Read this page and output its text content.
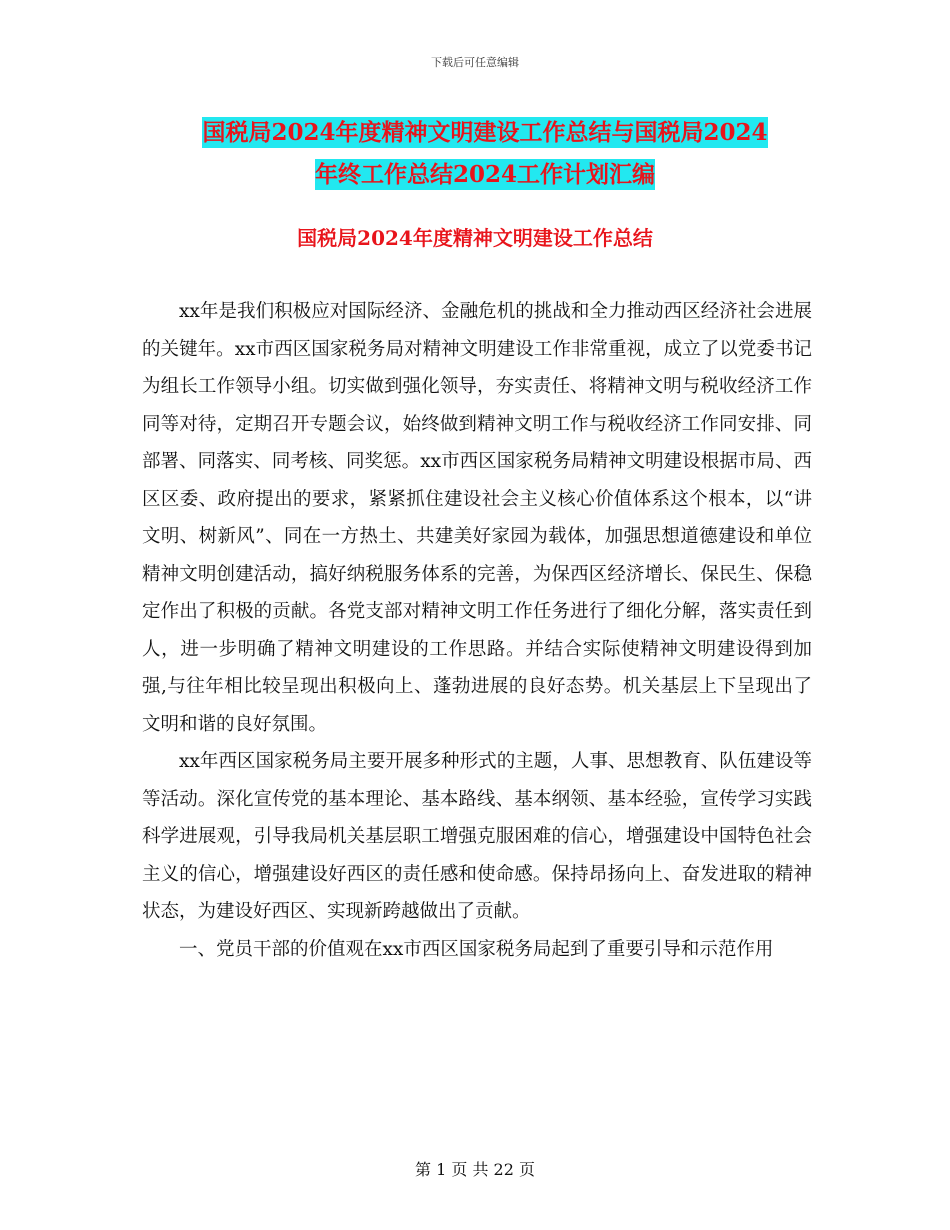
下载后可任意编辑
国税局2024年度精神文明建设工作总结与国税局2024
年终工作总结2024工作计划汇编
国税局2024年度精神文明建设工作总结

xx年是我们积极应对国际经济、金融危机的挑战和全力推动西区经济社会进展的关键年。xx市西区国家税务局对精神文明建设工作非常重视，成立了以党委书记为组长工作领导小组。切实做到强化领导，夯实责任、将精神文明与税收经济工作同等对待，定期召开专题会议，始终做到精神文明工作与税收经济工作同安排、同部署、同落实、同考核、同奖惩。xx市西区国家税务局精神文明建设根据市局、西区区委、政府提出的要求，紧紧抓住建设社会主义核心价值体系这个根本，以“讲文明、树新风”、同在一方热土、共建美好家园为载体，加强思想道德建设和单位精神文明创建活动，搞好纳税服务体系的完善，为保西区经济增长、保民生、保稳定作出了积极的贡献。各党支部对精神文明工作任务进行了细化分解，落实责任到人，进一步明确了精神文明建设的工作思路。并结合实际使精神文明建设得到加强,与往年相比较呈现出积极向上、蓬勃进展的良好态势。机关基层上下呈现出了文明和谐的良好氛围。

xx年西区国家税务局主要开展多种形式的主题，人事、思想教育、队伍建设等等活动。深化宣传党的基本理论、基本路线、基本纲领、基本经验，宣传学习实践科学进展观，引导我局机关基层职工增强克服困难的信心，增强建设中国特色社会主义的信心，增强建设好西区的责任感和使命感。保持昂扬向上、奋发进取的精神状态，为建设好西区、实现新跨越做出了贡献。

一、党员干部的价值观在xx市西区国家税务局起到了重要引导和示范作用

第 1 页 共 22 页
